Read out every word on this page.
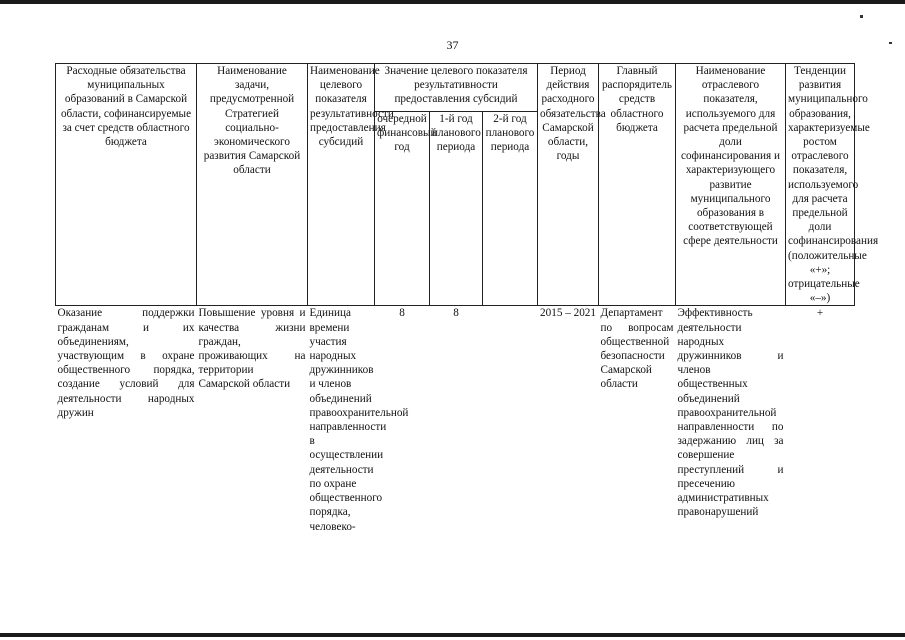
37
Расходные обязательства муниципальных образований в Самарской области, софинансируемые за счет средств областного бюджета	Наименование задачи, предусмотренной Стратегией социально-экономического развития Самарской области	Наименование целевого показателя результативности предоставления субсидий	Значение целевого показателя результативности предоставления субсидий			Период действия расходного обязательства Самарской области, годы	Главный распорядитель средств областного бюджета	Наименование отраслевого показателя, используемого для расчета предельной доли софинансирования и характеризующего развитие муниципального образования в соответствующей сфере деятельности	Тенденции развития муниципального образования, характеризуемые ростом отраслевого показателя, используемого для расчета предельной доли софинансирования (положительные «+»; отрицательные «–»)
			очередной финансовый год	1-й год планового периода	2-й год планового периода				
Оказание поддержки гражданам и их объединениям, участвующим в охране общественного порядка, создание условий для деятельности народных дружин	Повышение уровня и качества жизни граждан, проживающих на территории Самарской области	Единица времени участия народных дружинников и членов объединений правоохранительной направленности в осуществлении деятельности по охране общественного порядка, человеко-	8	8		2015 – 2021	Департамент по вопросам общественной безопасности Самарской области	Эффективность деятельности народных дружинников и членов общественных объединений правоохранительной направленности по задержанию лиц за совершение преступлений и пресечению административных правонарушений	+
